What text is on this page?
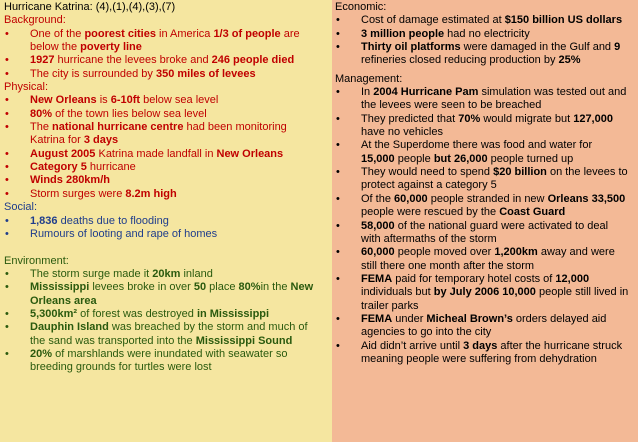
Hurricane Katrina: (4),(1),(4),(3),(7)
Background:
•	One of the poorest cities in America 1/3 of people are
below the poverty line
•	1927 hurricane the levees broke and 246 people died
•	The city is surrounded by 350 miles of levees
Physical:
•	New Orleans is 6-10ft below sea level
•	80% of the town lies below sea level
•	The national hurricane centre had been monitoring
Katrina for 3 days
•	August 2005 Katrina made landfall in New Orleans
•	Category 5 hurricane
•	Winds 280km/h
•	Storm surges were 8.2m high
Social:
•	1,836 deaths due to flooding
•	Rumours of looting and rape of homes
Environment:
•	The storm surge made it 20km inland
•	Mississippi levees broke in over 50 place 80%in the New
Orleans area
•	5,300km² of forest was destroyed in Mississippi
•	Dauphin Island was breached by the storm and much of
the sand was transported into the Mississippi Sound
•	20% of marshlands were inundated with seawater so
breeding grounds for turtles were lost
Economic:
•	Cost of damage estimated at $150 billion US dollars
•	3 million people had no electricity
•	Thirty oil platforms were damaged in the Gulf and 9
refineries closed reducing production by 25%
Management:
•	In 2004 Hurricane Pam simulation was tested out and
the levees were seen to be breached
•	They predicted that 70% would migrate but 127,000
have no vehicles
•	At the Superdome there was food and water for
15,000 people but 26,000 people turned up
•	They would need to spend $20 billion on the levees to
protect against a category 5
•	Of the 60,000 people stranded in new Orleans 33,500
people were rescued by the Coast Guard
•	58,000 of the national guard were activated to deal
with aftermaths of the storm
•	60,000 people moved over 1,200km away and were
still there one month after the storm
•	FEMA paid for temporary hotel costs of 12,000
individuals but by July 2006 10,000 people still lived in
trailer parks
•	FEMA under Micheal Brown’s orders delayed aid
agencies to go into the city
•	Aid didn’t arrive until 3 days after the hurricane struck
meaning people were suffering from dehydration
